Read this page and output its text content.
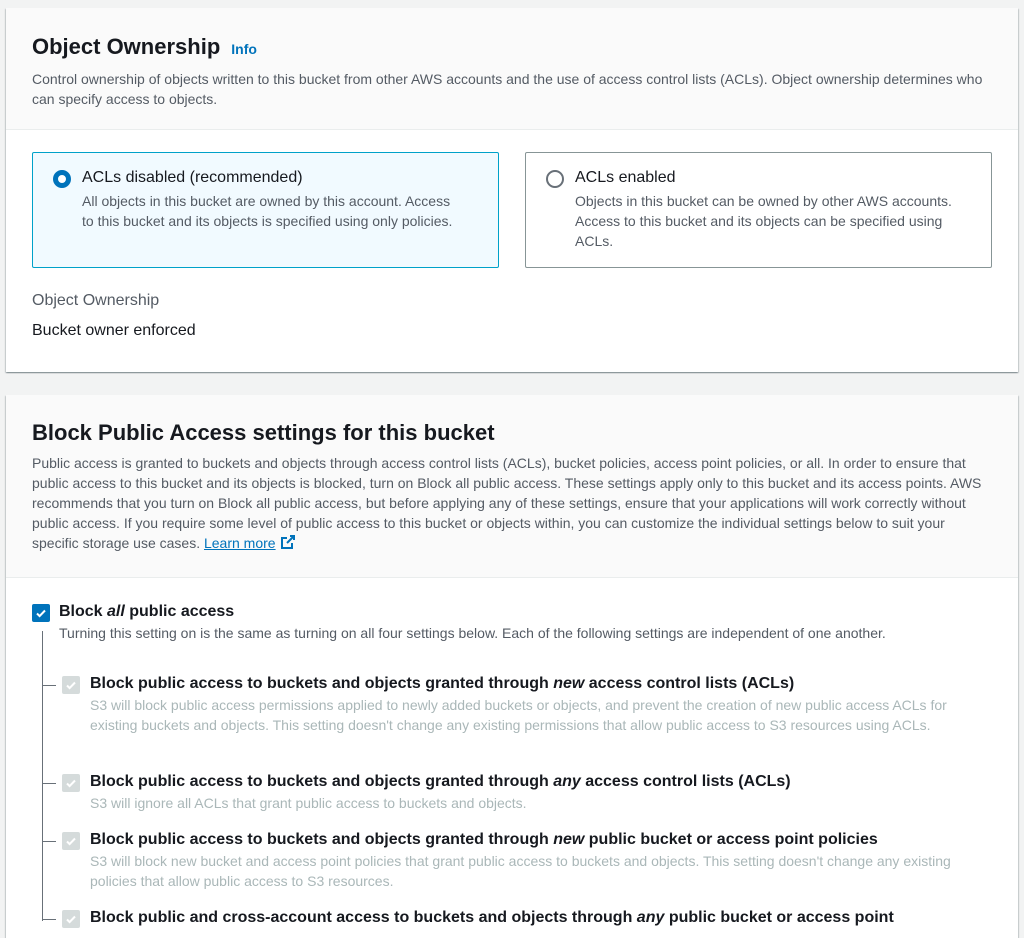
Object Ownership Info

Control ownership of objects written to this bucket from other AWS accounts and the use of access control lists (ACLs). Object ownership determines who can specify access to objects.

ACLs disabled (recommended)
All objects in this bucket are owned by this account. Access to this bucket and its objects is specified using only policies.
ACLs enabled
Objects in this bucket can be owned by other AWS accounts. Access to this bucket and its objects can be specified using ACLs.
Object Ownership
Bucket owner enforced
Block Public Access settings for this bucket

Public access is granted to buckets and objects through access control lists (ACLs), bucket policies, access point policies, or all. In order to ensure that public access to this bucket and its objects is blocked, turn on Block all public access. These settings apply only to this bucket and its access points. AWS recommends that you turn on Block all public access, but before applying any of these settings, ensure that your applications will work correctly without public access. If you require some level of public access to this bucket or objects within, you can customize the individual settings below to suit your specific storage use cases. Learn more

Block all public access
Turning this setting on is the same as turning on all four settings below. Each of the following settings are independent of one another.
Block public access to buckets and objects granted through new access control lists (ACLs)
S3 will block public access permissions applied to newly added buckets or objects, and prevent the creation of new public access ACLs for existing buckets and objects. This setting doesn't change any existing permissions that allow public access to S3 resources using ACLs.
Block public access to buckets and objects granted through any access control lists (ACLs)
S3 will ignore all ACLs that grant public access to buckets and objects.
Block public access to buckets and objects granted through new public bucket or access point policies
S3 will block new bucket and access point policies that grant public access to buckets and objects. This setting doesn't change any existing policies that allow public access to S3 resources.
Block public and cross-account access to buckets and objects through any public bucket or access point
